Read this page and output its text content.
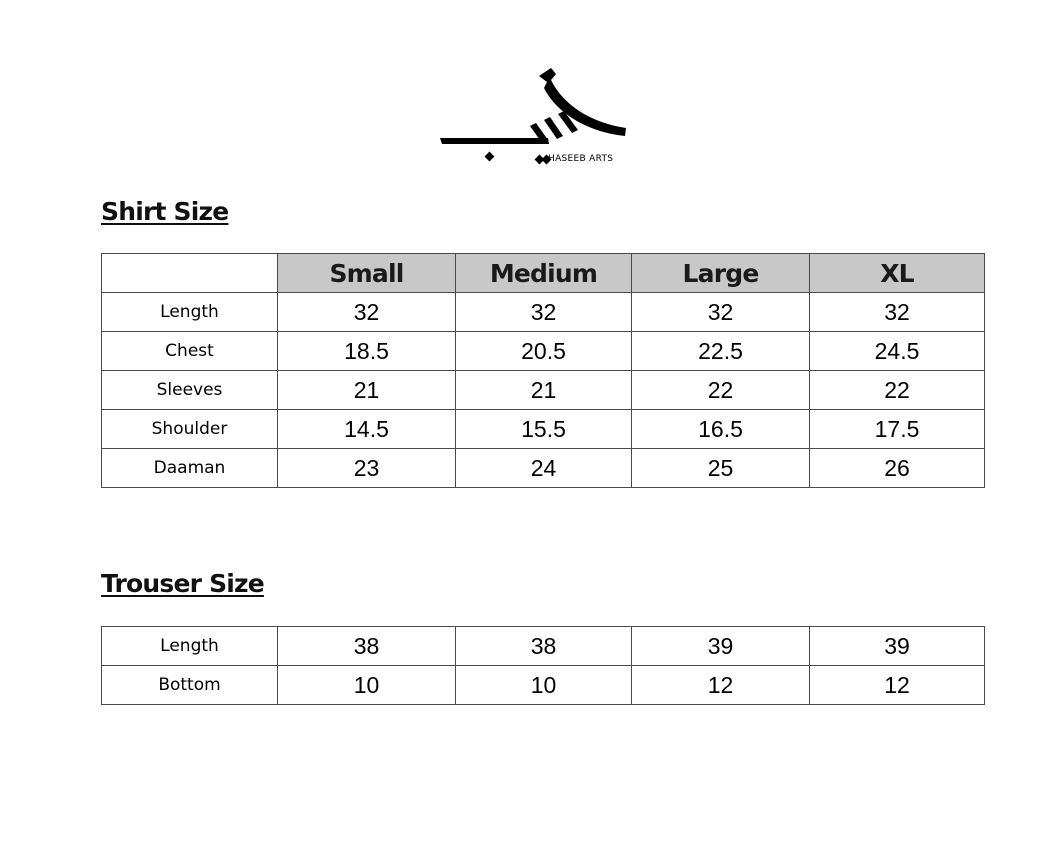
HASEEB ARTS
Shirt Size
	Small	Medium	Large	XL
Length	32	32	32	32
Chest	18.5	20.5	22.5	24.5
Sleeves	21	21	22	22
Shoulder	14.5	15.5	16.5	17.5
Daaman	23	24	25	26
Trouser Size
Length	38	38	39	39
Bottom	10	10	12	12
